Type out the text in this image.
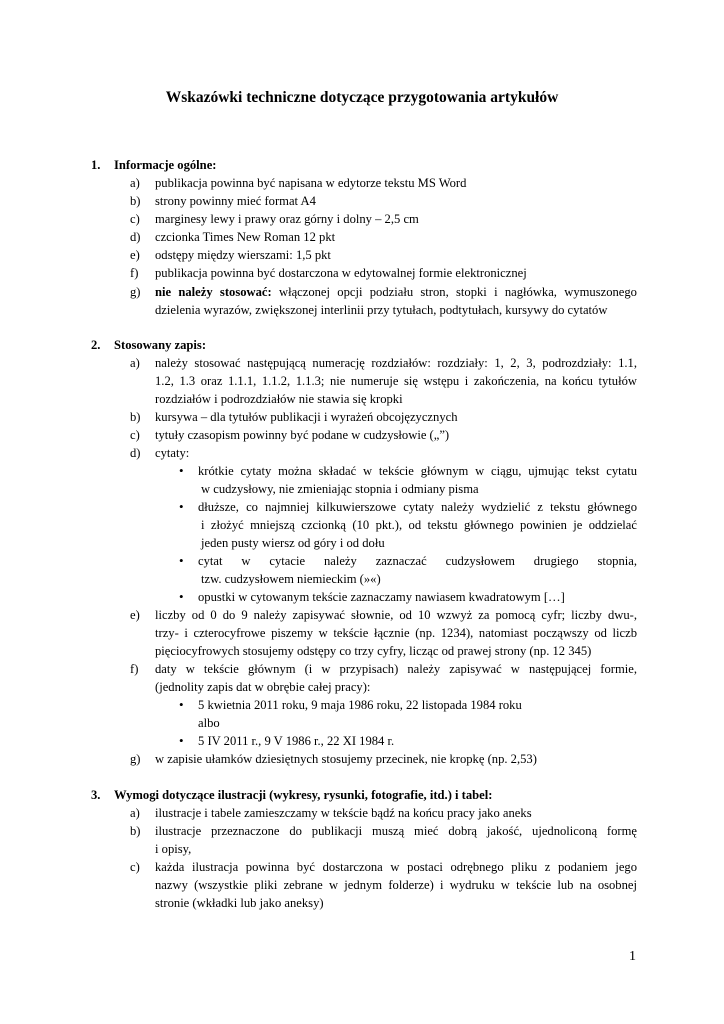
Wskazówki techniczne dotyczące przygotowania artykułów
1. Informacje ogólne:
a) publikacja powinna być napisana w edytorze tekstu MS Word
b) strony powinny mieć format A4
c) marginesy lewy i prawy oraz górny i dolny – 2,5 cm
d) czcionka Times New Roman 12 pkt
e) odstępy między wierszami: 1,5 pkt
f) publikacja powinna być dostarczona w edytowalnej formie elektronicznej
g) nie należy stosować: włączonej opcji podziału stron, stopki i nagłówka, wymuszonego
dzielenia wyrazów, zwiększonej interlinii przy tytułach, podtytułach, kursywy do cytatów
2. Stosowany zapis:
a) należy stosować następującą numerację rozdziałów: rozdziały: 1, 2, 3, podrozdziały: 1.1,
1.2, 1.3 oraz 1.1.1, 1.1.2, 1.1.3; nie numeruje się wstępu i zakończenia, na końcu tytułów
rozdziałów i podrozdziałów nie stawia się kropki
b) kursywa – dla tytułów publikacji i wyrażeń obcojęzycznych
c) tytuły czasopism powinny być podane w cudzysłowie („”)
d) cytaty:
• krótkie cytaty można składać w tekście głównym w ciągu, ujmując tekst cytatu
w cudzysłowy, nie zmieniając stopnia i odmiany pisma
• dłuższe, co najmniej kilkuwierszowe cytaty należy wydzielić z tekstu głównego
i złożyć mniejszą czcionką (10 pkt.), od tekstu głównego powinien je oddzielać
jeden pusty wiersz od góry i od dołu
• cytat w cytacie należy zaznaczać cudzysłowem drugiego stopnia,
tzw. cudzysłowem niemieckim (»«)
• opustki w cytowanym tekście zaznaczamy nawiasem kwadratowym […]
e) liczby od 0 do 9 należy zapisywać słownie, od 10 wzwyż za pomocą cyfr; liczby dwu-,
trzy- i czterocyfrowe piszemy w tekście łącznie (np. 1234), natomiast począwszy od liczb
pięciocyfrowych stosujemy odstępy co trzy cyfry, licząc od prawej strony (np. 12 345)
f) daty w tekście głównym (i w przypisach) należy zapisywać w następującej formie,
(jednolity zapis dat w obrębie całej pracy):
• 5 kwietnia 2011 roku, 9 maja 1986 roku, 22 listopada 1984 roku
albo
• 5 IV 2011 r., 9 V 1986 r., 22 XI 1984 r.
g) w zapisie ułamków dziesiętnych stosujemy przecinek, nie kropkę (np. 2,53)
3. Wymogi dotyczące ilustracji (wykresy, rysunki, fotografie, itd.) i tabel:
a) ilustracje i tabele zamieszczamy w tekście bądź na końcu pracy jako aneks
b) ilustracje przeznaczone do publikacji muszą mieć dobrą jakość, ujednoliconą formę
i opisy,
c) każda ilustracja powinna być dostarczona w postaci odrębnego pliku z podaniem jego
nazwy (wszystkie pliki zebrane w jednym folderze) i wydruku w tekście lub na osobnej
stronie (wkładki lub jako aneksy)
1
